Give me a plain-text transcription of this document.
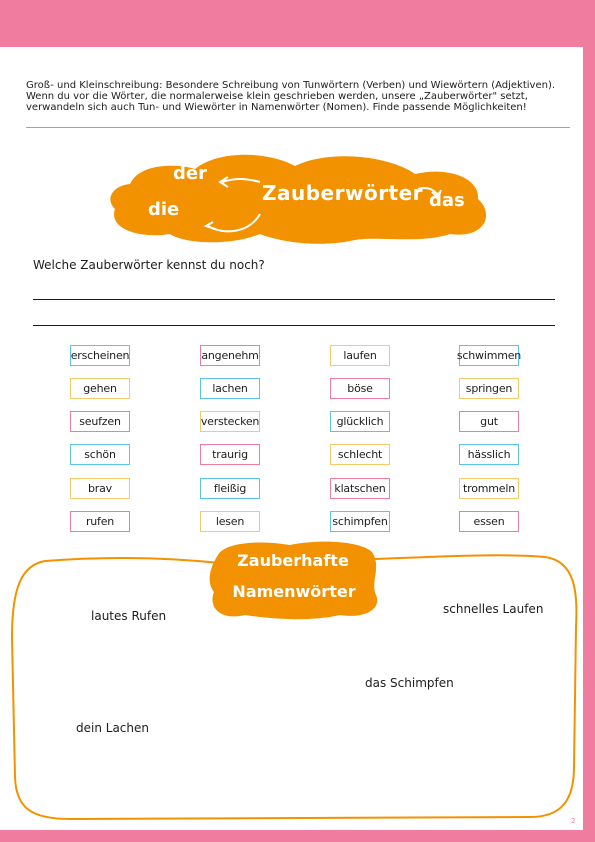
Groß- und Kleinschreibung: Besondere Schreibung von Tunwörtern (Verben) und Wiewörtern (Adjektiven).

Wenn du vor die Wörter, die normalerweise klein geschrieben werden, unsere „Zauberwörter" setzt,

verwandeln sich auch Tun- und Wiewörter in Namenwörter (Nomen). Finde passende Möglichkeiten!

der
die
Zauberwörter das
Welche Zauberwörter kennst du noch?
erscheinen	angenehm	laufen	schwimmen
gehen	lachen	böse	springen
seufzen	verstecken	glücklich	gut
schön	traurig	schlecht	hässlich
brav	fleißig	klatschen	trommeln
rufen	lesen	schimpfen	essen
Zauberhafte
Namenwörter
lautes Rufen	schnelles Laufen
das Schimpfen
dein Lachen
2
